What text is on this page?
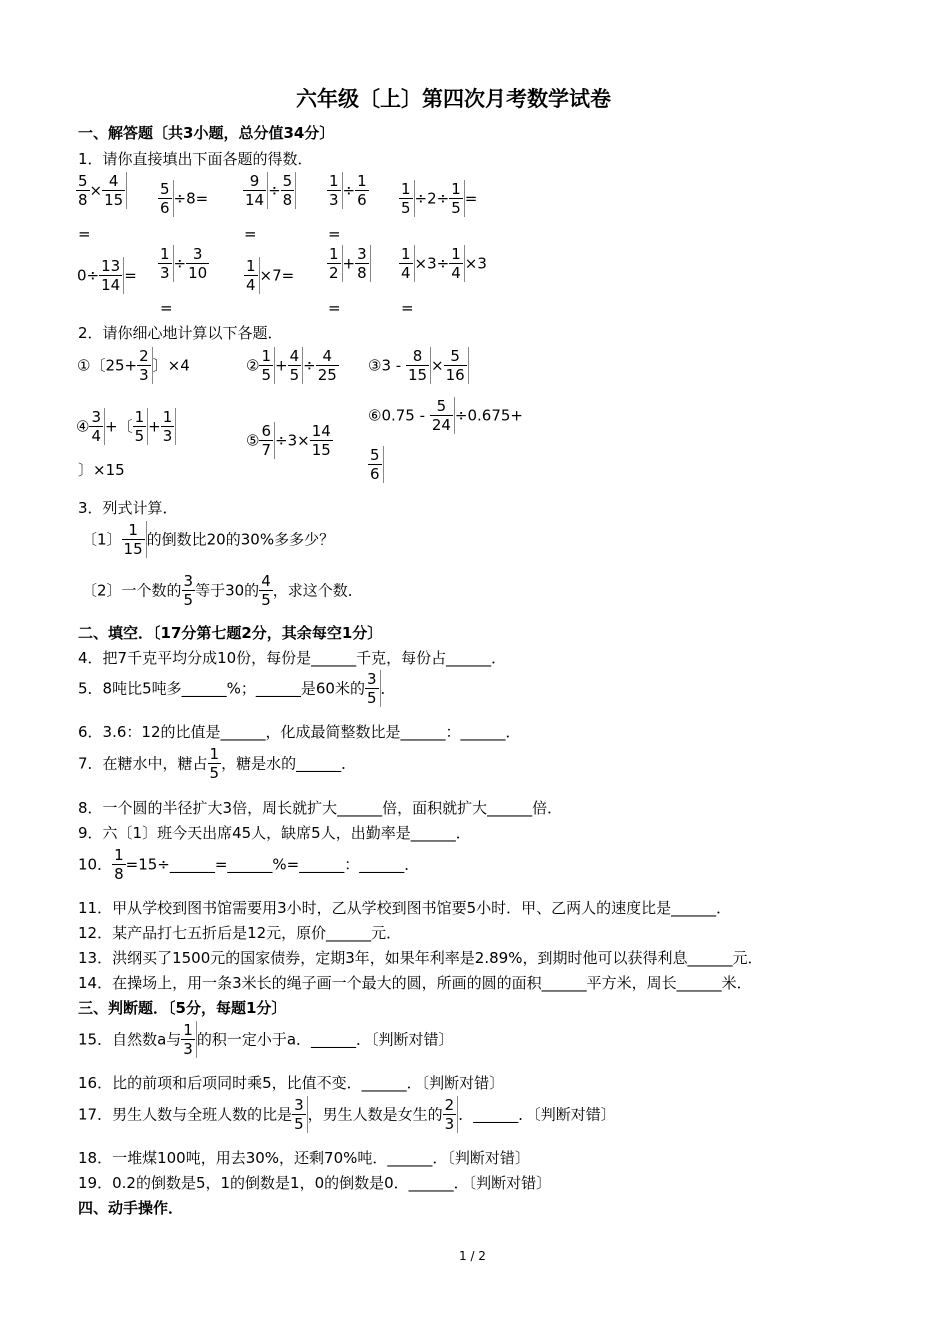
六年级〔上〕第四次月考数学试卷
一、解答题〔共3小题，总分值34分〕
1．请你直接填出下面各题的得数．
$\frac{5}{8} \times \frac{4}{15}$
=
$\frac{5}{6} \div 8= \frac{9}{14} \div \frac{5}{8}$
=
$\frac{1}{3} \div \frac{1}{6}$
=
$\frac{1}{5} \div 2\div \frac{1}{5}$ =
$0\div \frac{13}{14} = \frac{1}{3} \div \frac{3}{10}$
=
$\frac{1}{4} \times 7= \frac{1}{2} + \frac{3}{8}$
=
$\frac{1}{4} \times 3\div \frac{1}{4} \times 3$
=
2．请你细心地计算以下各题．
①〔$25+ \frac{2}{3}$ 〕×4	② $\frac{1}{5} + \frac{4}{5} \div \frac{4}{25}$ ③3 - $\frac{8}{15} \times \frac{5}{16}$
④ $\frac{3}{4}$ +〔 $\frac{1}{5} + \frac{1}{3}$
〕×15
⑤ $\frac{6}{7} \div 3\times \frac{14}{15}$
⑥0.75 - $\frac{5}{24} \div 0.675+$
$\frac{5}{6}$
3．列式计算．
〔1〕 $\frac{1}{15}$ 的倒数比20的30%多多少？
〔2〕一个数的 $\frac{3}{5}$ 等于30的 $\frac{4}{5}$ ，求这个数．
二、填空．〔17分第七题2分，其余每空1分〕
4．把7千克平均分成10份，每份是______千克，每份占______．
5．8吨比5吨多______%；______是60米的 $\frac{3}{5}$ ．
6．3.6：12的比值是______，化成最简整数比是______：______．
7．在糖水中，糖占 $\frac{1}{5}$ ，糖是水的______．
8．一个圆的半径扩大3倍，周长就扩大______倍，面积就扩大______倍．
9．六〔1〕班今天出席45人，缺席5人，出勤率是______．
10． $\frac{1}{8}$ =15÷______=______%=______：______．
11．甲从学校到图书馆需要用3小时，乙从学校到图书馆要5小时．甲、乙两人的速度比是______．
12．某产品打七五折后是12元，原价______元．
13．洪纲买了1500元的国家债券，定期3年，如果年利率是2.89%，到期时他可以获得利息______元．
14．在操场上，用一条3米长的绳子画一个最大的圆，所画的圆的面积______平方米，周长______米．
三、判断题．〔5分，每题1分〕
15．自然数a与 $\frac{1}{3}$ 的积一定小于a．______．〔判断对错〕
16．比的前项和后项同时乘5，比值不变．______．〔判断对错〕
17．男生人数与全班人数的比是 $\frac{3}{5}$ ，男生人数是女生的 $\frac{2}{3}$ ．______．〔判断对错〕
18．一堆煤100吨，用去30%，还剩70%吨．______．〔判断对错〕
19．0.2的倒数是5，1的倒数是1，0的倒数是0．______．〔判断对错〕
四、动手操作．
1 / 2
